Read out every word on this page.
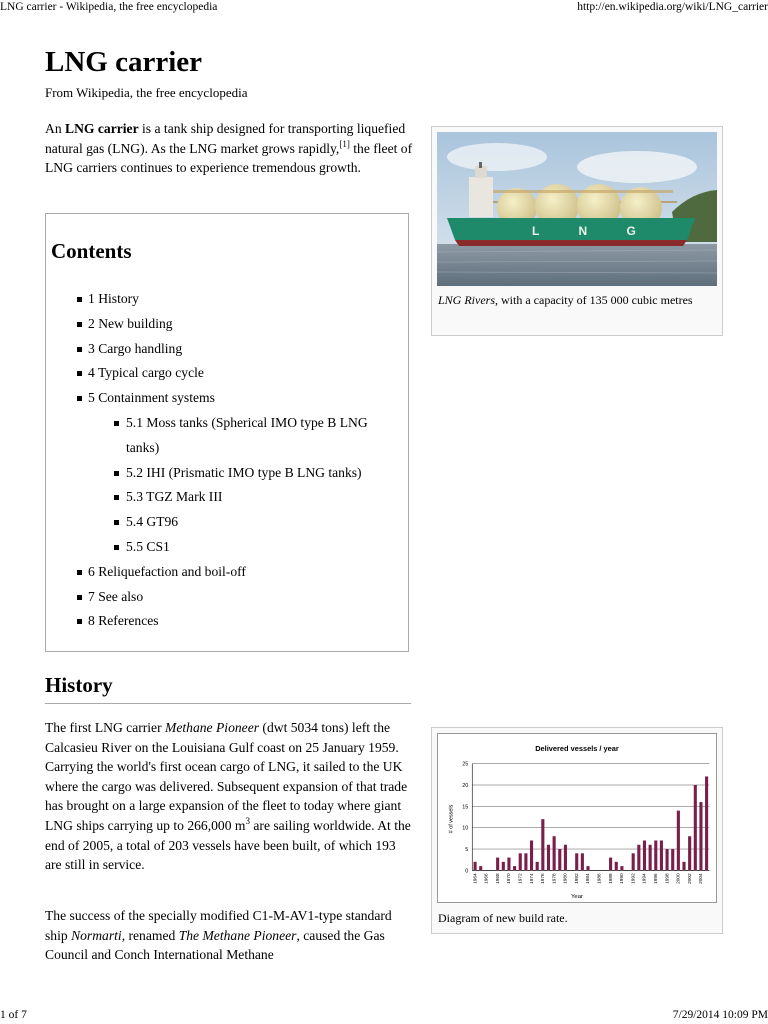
LNG carrier - Wikipedia, the free encyclopedia	http://en.wikipedia.org/wiki/LNG_carrier
LNG carrier
From Wikipedia, the free encyclopedia

An LNG carrier is a tank ship designed for transporting liquefied natural gas (LNG). As the LNG market grows rapidly,[1] the fleet of LNG carriers continues to experience tremendous growth.

Contents
1 History
2 New building
3 Cargo handling
4 Typical cargo cycle
5 Containment systems
5.1 Moss tanks (Spherical IMO type B LNG tanks)
5.2 IHI (Prismatic IMO type B LNG tanks)
5.3 TGZ Mark III
5.4 GT96
5.5 CS1
6 Reliquefaction and boil-off
7 See also
8 References
L N G
LNG Rivers, with a capacity of 135 000 cubic metres
History

The first LNG carrier Methane Pioneer (dwt 5034 tons) left the Calcasieu River on the Louisiana Gulf coast on 25 January 1959. Carrying the world's first ocean cargo of LNG, it sailed to the UK where the cargo was delivered. Subsequent expansion of that trade has brought on a large expansion of the fleet to today where giant LNG ships carrying up to 266,000 $m^3$ are sailing worldwide. At the end of 2005, a total of 203 vessels have been built, of which 193 are still in service.

The success of the specially modified C1-M-AV1-type standard ship Normarti, renamed The Methane Pioneer, caused the Gas Council and Conch International Methane

Delivered vessels / year
0
5
10
15
20
25
1964 1966 1968 1970 1972 1974 1976 1978 1980 1982 1984 1986 1988 1990 1992 1994 1996 1998 2000 2002 2004
Year
# of vessels
Diagram of new build rate.
1 of 7	7/29/2014 10:09 PM
